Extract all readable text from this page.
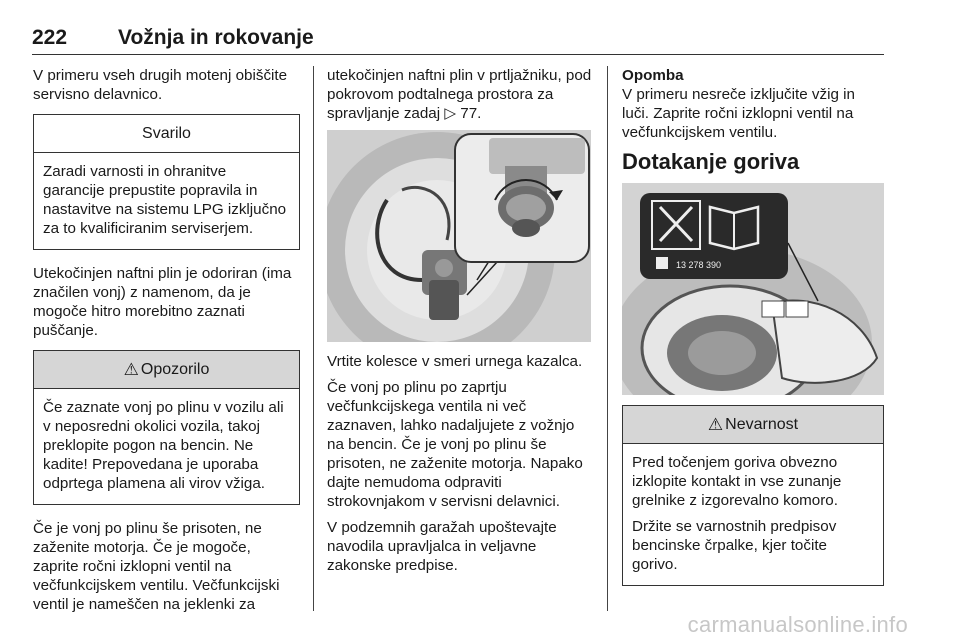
222 Vožnja in rokovanje

V primeru vseh drugih motenj obiščite servisno delavnico.

Svarilo

Zaradi varnosti in ohranitve garancije prepustite popravila in nastavitve na sistemu LPG izključno za to kvalificiranim serviserjem.

Utekočinjen naftni plin je odoriran (ima značilen vonj) z namenom, da je mogoče hitro morebitno zaznati puščanje.

⚠ Opozorilo

Če zaznate vonj po plinu v vozilu ali v neposredni okolici vozila, takoj preklopite pogon na bencin. Ne kadite! Prepovedana je uporaba odprtega plamena ali virov vžiga.

Če je vonj po plinu še prisoten, ne zaženite motorja. Če je mogoče, zaprite ročni izklopni ventil na večfunkcijskem ventilu. Večfunkcijski ventil je nameščen na jeklenki za

utekočinjen naftni plin v prtljažniku, pod pokrovom podtalnega prostora za spravljanje zadaj ▷ 77.

Vrtite kolesce v smeri urnega kazalca.

Če vonj po plinu po zaprtju večfunkcijskega ventila ni več zaznaven, lahko nadaljujete z vožnjo na bencin. Če je vonj po plinu še prisoten, ne zaženite motorja. Napako dajte nemudoma odpraviti strokovnjakom v servisni delavnici.

V podzemnih garažah upoštevajte navodila upravljalca in veljavne zakonske predpise.

Opomba

V primeru nesreče izključite vžig in luči. Zaprite ročni izklopni ventil na večfunkcijskem ventilu.

Dotakanje goriva
13 278 390
⚠ Nevarnost

Pred točenjem goriva obvezno izklopite kontakt in vse zunanje grelnike z izgorevalno komoro.

Držite se varnostnih predpisov bencinske črpalke, kjer točite gorivo.

carmanualsonline.info
